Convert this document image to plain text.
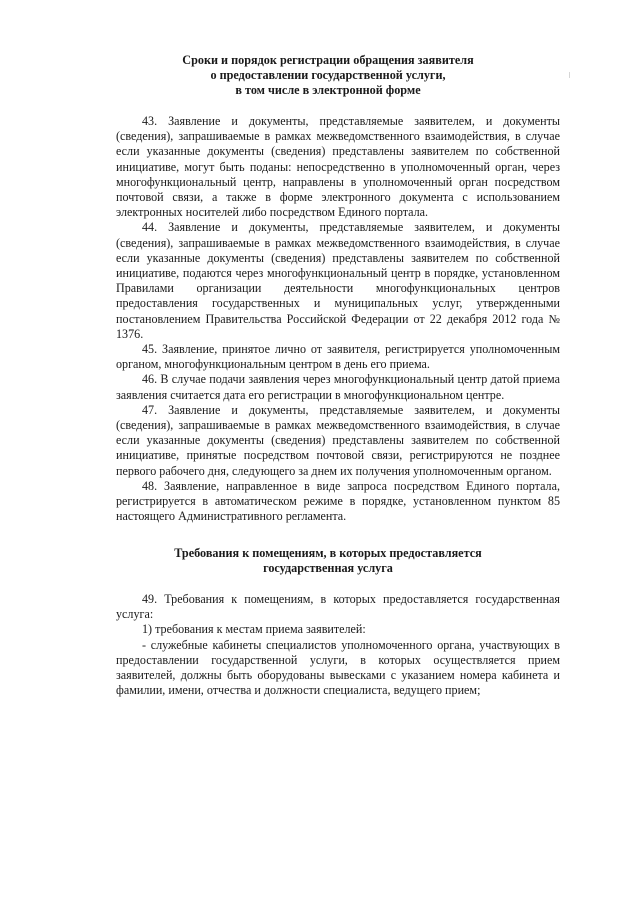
Сроки и порядок регистрации обращения заявителя
о предоставлении государственной услуги,
в том числе в электронной форме

43. Заявление и документы, представляемые заявителем, и документы (сведения), запрашиваемые в рамках межведомственного взаимодействия, в случае если указанные документы (сведения) представлены заявителем по собственной инициативе, могут быть поданы: непосредственно в уполномоченный орган, через многофункциональный центр, направлены в уполномоченный орган посредством почтовой связи, а также в форме электронного документа с использованием электронных носителей либо посредством Единого портала.

44. Заявление и документы, представляемые заявителем, и документы (сведения), запрашиваемые в рамках межведомственного взаимодействия, в случае если указанные документы (сведения) представлены заявителем по собственной инициативе, подаются через многофункциональный центр в порядке, установленном Правилами организации деятельности многофункциональных центров предоставления государственных и муниципальных услуг, утвержденными постановлением Правительства Российской Федерации от 22 декабря 2012 года № 1376.

45. Заявление, принятое лично от заявителя, регистрируется уполномоченным органом, многофункциональным центром в день его приема.

46. В случае подачи заявления через многофункциональный центр датой приема заявления считается дата его регистрации в многофункциональном центре.

47. Заявление и документы, представляемые заявителем, и документы (сведения), запрашиваемые в рамках межведомственного взаимодействия, в случае если указанные документы (сведения) представлены заявителем по собственной инициативе, принятые посредством почтовой связи, регистрируются не позднее первого рабочего дня, следующего за днем их получения уполномоченным органом.

48. Заявление, направленное в виде запроса посредством Единого портала, регистрируется в автоматическом режиме в порядке, установленном пунктом 85 настоящего Административного регламента.

Требования к помещениям, в которых предоставляется
государственная услуга

49. Требования к помещениям, в которых предоставляется государственная услуга:

1) требования к местам приема заявителей:

- служебные кабинеты специалистов уполномоченного органа, участвующих в предоставлении государственной услуги, в которых осуществляется прием заявителей, должны быть оборудованы вывесками с указанием номера кабинета и фамилии, имени, отчества и должности специалиста, ведущего прием;
